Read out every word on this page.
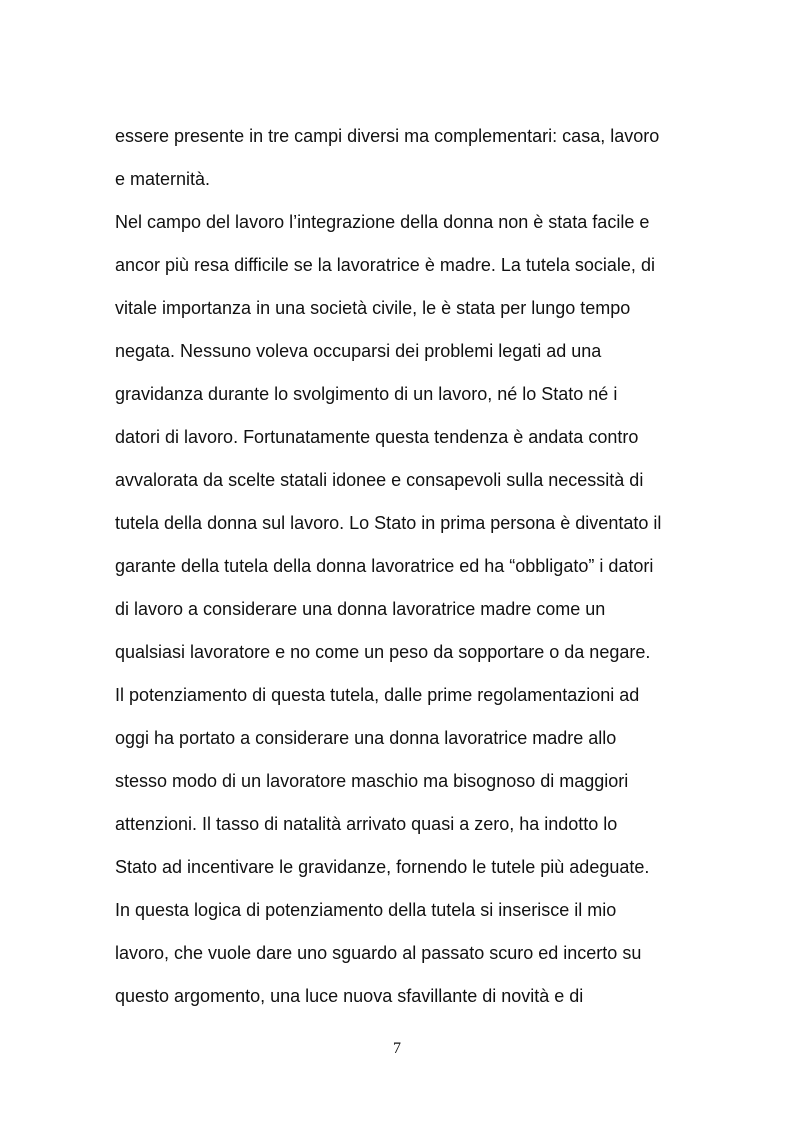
essere presente in tre campi diversi ma complementari: casa, lavoro
e maternità.
Nel campo del lavoro l’integrazione della donna non è stata facile e
ancor più resa difficile se la lavoratrice è madre. La tutela sociale, di
vitale importanza in una società civile, le è stata per lungo tempo
negata. Nessuno voleva occuparsi dei problemi legati ad una
gravidanza durante lo svolgimento di un lavoro, né lo Stato né i
datori di lavoro. Fortunatamente questa tendenza è andata contro
avvalorata da scelte statali idonee e consapevoli sulla necessità di
tutela della donna sul lavoro. Lo Stato in prima persona è diventato il
garante della tutela della donna lavoratrice ed ha “obbligato” i datori
di lavoro a considerare una donna lavoratrice madre come un
qualsiasi lavoratore e no come un peso da sopportare o da negare.
Il potenziamento di questa tutela, dalle prime regolamentazioni ad
oggi ha portato a considerare una donna lavoratrice madre allo
stesso modo di un lavoratore maschio ma bisognoso di maggiori
attenzioni. Il tasso di natalità arrivato quasi a zero, ha indotto lo
Stato ad incentivare le gravidanze, fornendo le tutele più adeguate.
In questa logica di potenziamento della tutela si inserisce il mio
lavoro, che vuole dare uno sguardo al passato scuro ed incerto su
questo argomento, una luce nuova sfavillante di novità e di
7
